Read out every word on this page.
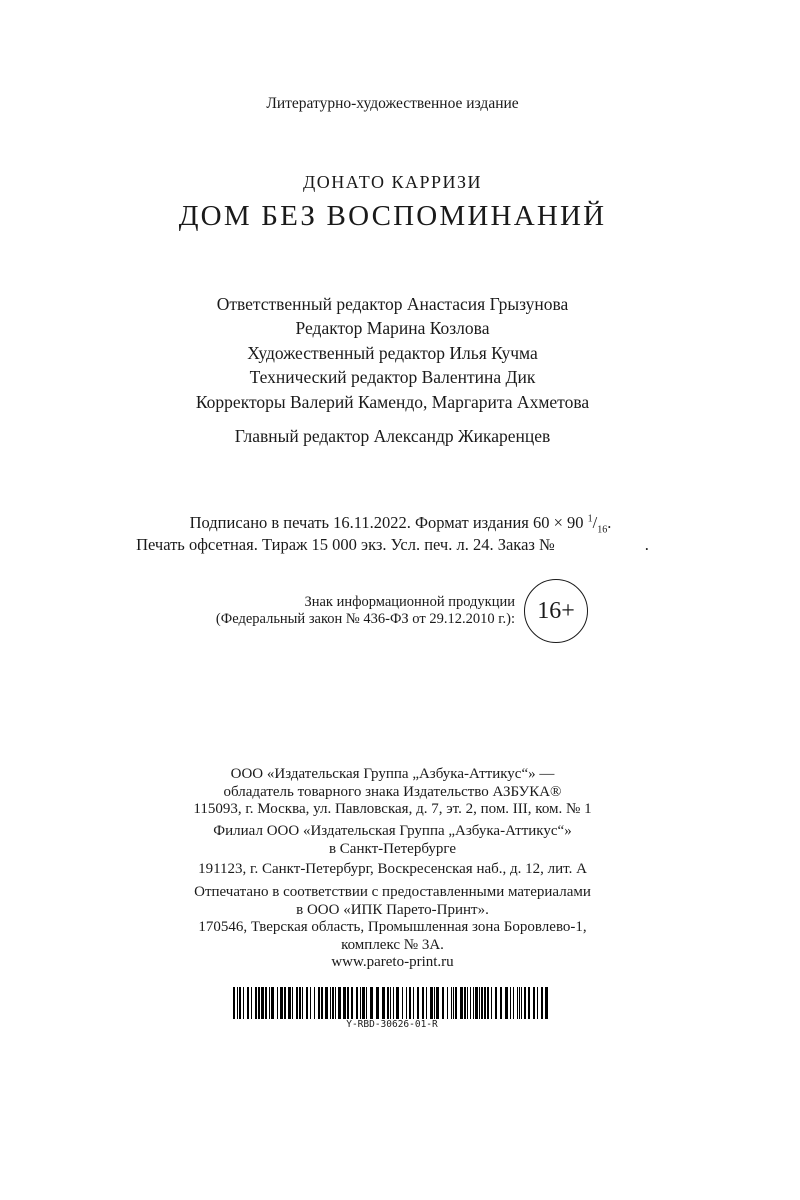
Литературно-художественное издание
ДОНАТО КАРРИЗИ
ДОМ БЕЗ ВОСПОМИНАНИЙ
Ответственный редактор Анастасия Грызунова
Редактор Марина Козлова
Художественный редактор Илья Кучма
Технический редактор Валентина Дик
Корректоры Валерий Камендо, Маргарита Ахметова
Главный редактор Александр Жикаренцев
Подписано в печать 16.11.2022. Формат издания 60 × 90 $^1/_{16}$.
Печать офсетная. Тираж 15 000 экз. Усл. печ. л. 24. Заказ №	.
Знак информационной продукции
(Федеральный закон № 436-ФЗ от 29.12.2010 г.): 16+
ООО «Издательская Группа „Азбука-Аттикус“» —
обладатель товарного знака Издательство АЗБУКА®
115093, г. Москва, ул. Павловская, д. 7, эт. 2, пом. III, ком. № 1
Филиал ООО «Издательская Группа „Азбука-Аттикус“»
в Санкт-Петербурге
191123, г. Санкт-Петербург, Воскресенская наб., д. 12, лит. А
Отпечатано в соответствии с предоставленными материалами
в ООО «ИПК Парето-Принт».
170546, Тверская область, Промышленная зона Боровлево-1,
комплекс № 3А.
www.pareto-print.ru
Y-RBD-30626-01-R
